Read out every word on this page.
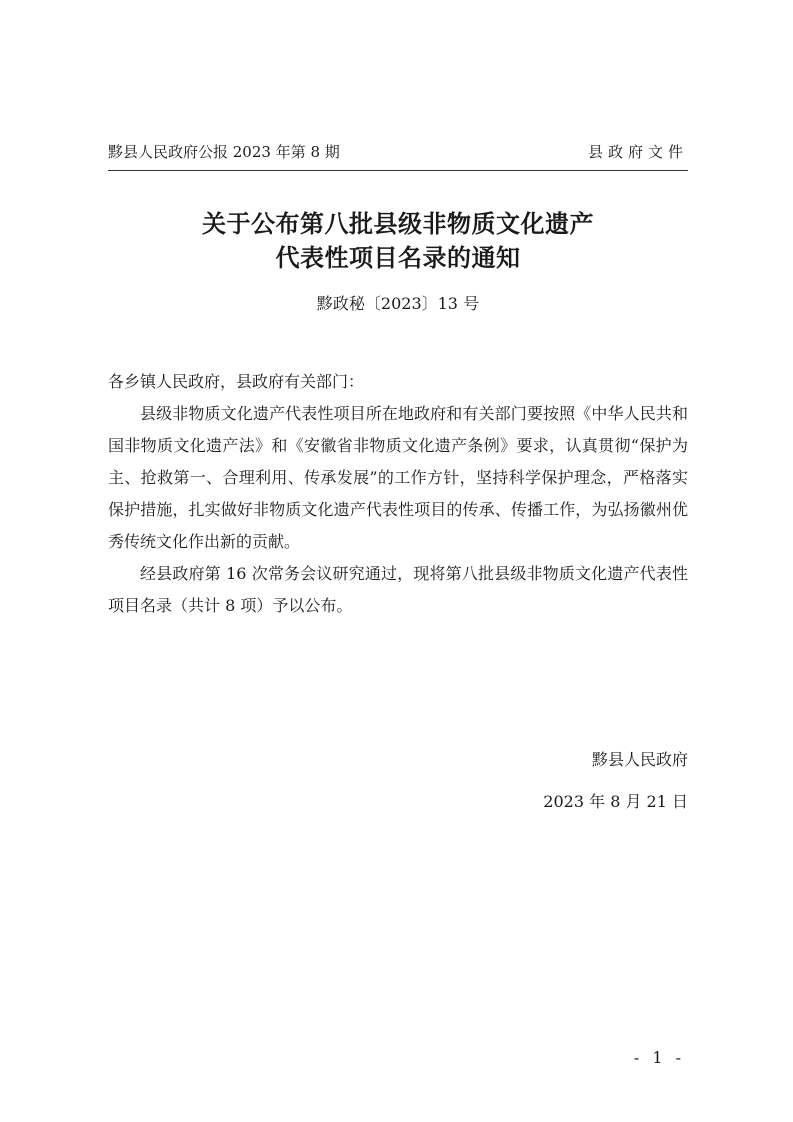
黟县人民政府公报 2023 年第 8 期	县政府文件
关于公布第八批县级非物质文化遗产
代表性项目名录的通知
黟政秘〔2023〕13 号

各乡镇人民政府，县政府有关部门：

县级非物质文化遗产代表性项目所在地政府和有关部门要按照《中华人民共和国非物质文化遗产法》和《安徽省非物质文化遗产条例》要求，认真贯彻“保护为主、抢救第一、合理利用、传承发展”的工作方针，坚持科学保护理念，严格落实保护措施，扎实做好非物质文化遗产代表性项目的传承、传播工作，为弘扬徽州优秀传统文化作出新的贡献。

经县政府第 16 次常务会议研究通过，现将第八批县级非物质文化遗产代表性项目名录（共计 8 项）予以公布。

黟县人民政府
2023 年 8 月 21 日
- 1 -
